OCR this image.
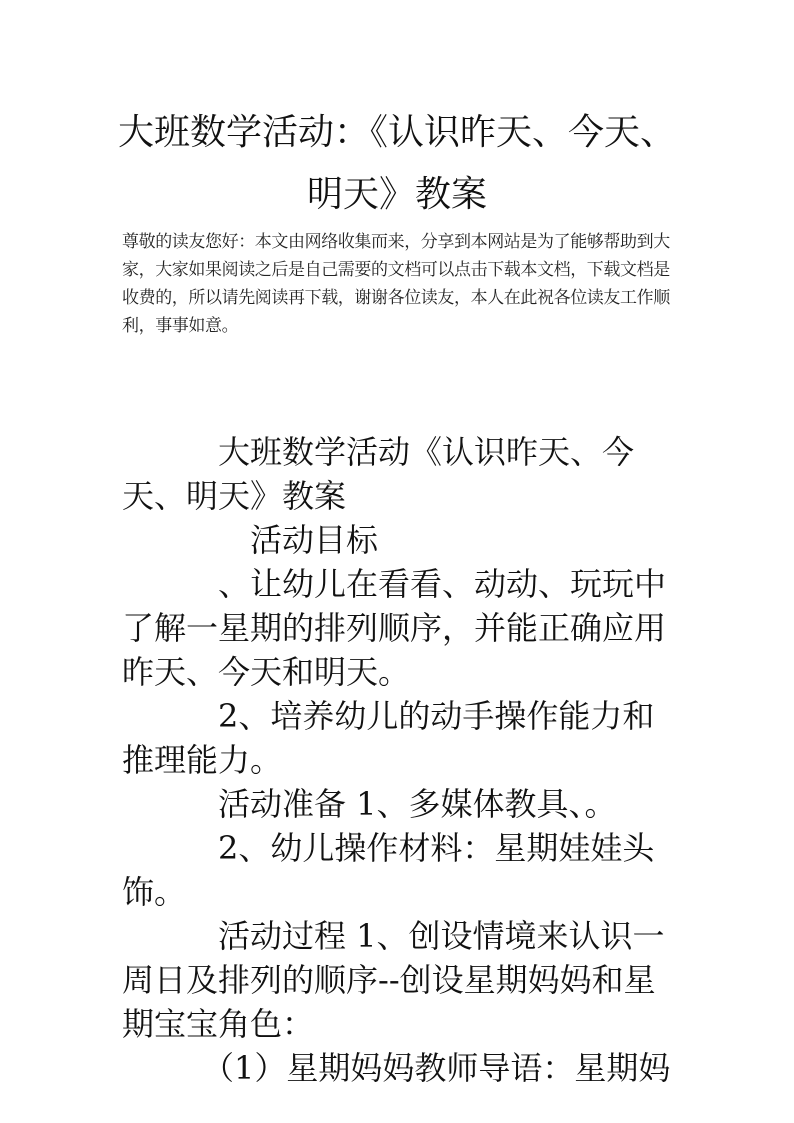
大班数学活动：《认识昨天、今天、明天》教案

尊敬的读友您好：本文由网络收集而来，分享到本网站是为了能够帮助到大家，大家如果阅读之后是自己需要的文档可以点击下载本文档，下载文档是收费的，所以请先阅读再下载，谢谢各位读友，本人在此祝各位读友工作顺利，事事如意。

大班数学活动《认识昨天、今天、明天》教案

活动目标

、让幼儿在看看、动动、玩玩中了解一星期的排列顺序，并能正确应用昨天、今天和明天。

2、培养幼儿的动手操作能力和推理能力。

活动准备 1、多媒体教具、。

2、幼儿操作材料：星期娃娃头饰。

活动过程 1、创设情境来认识一周日及排列的顺序--创设星期妈妈和星期宝宝角色：

（1）星期妈妈教师导语：星期妈
